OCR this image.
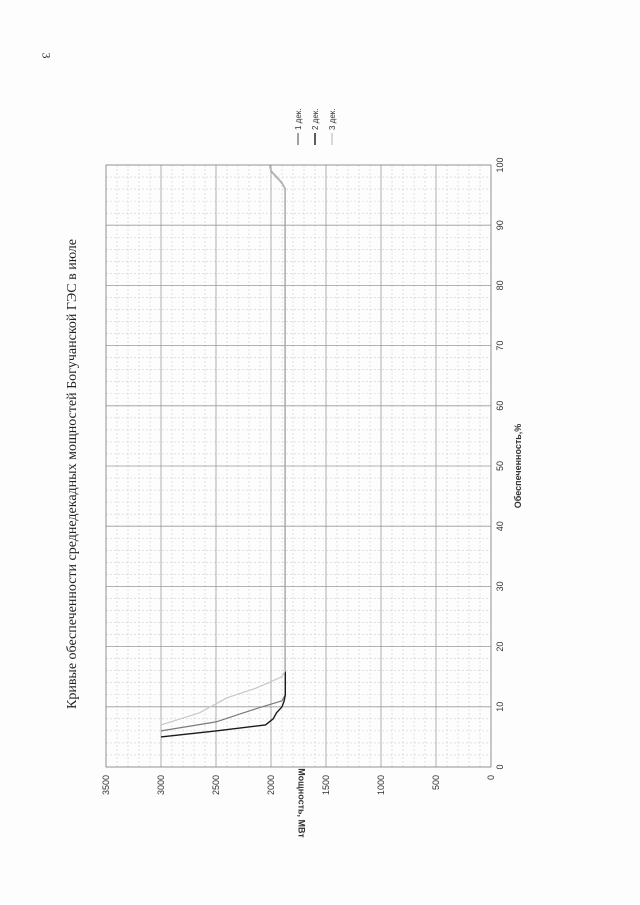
3
0
10
20
30
40
50
60
70
80
90
100
0
500
1000
1500
2000
2500
3000
3500
Обеспеченность,%
Мощность, МВт
Кривые обеспеченности среднедекадных мощностей Богучанской ГЭС в июле
1 дек. 2 дек. 3 дек.
